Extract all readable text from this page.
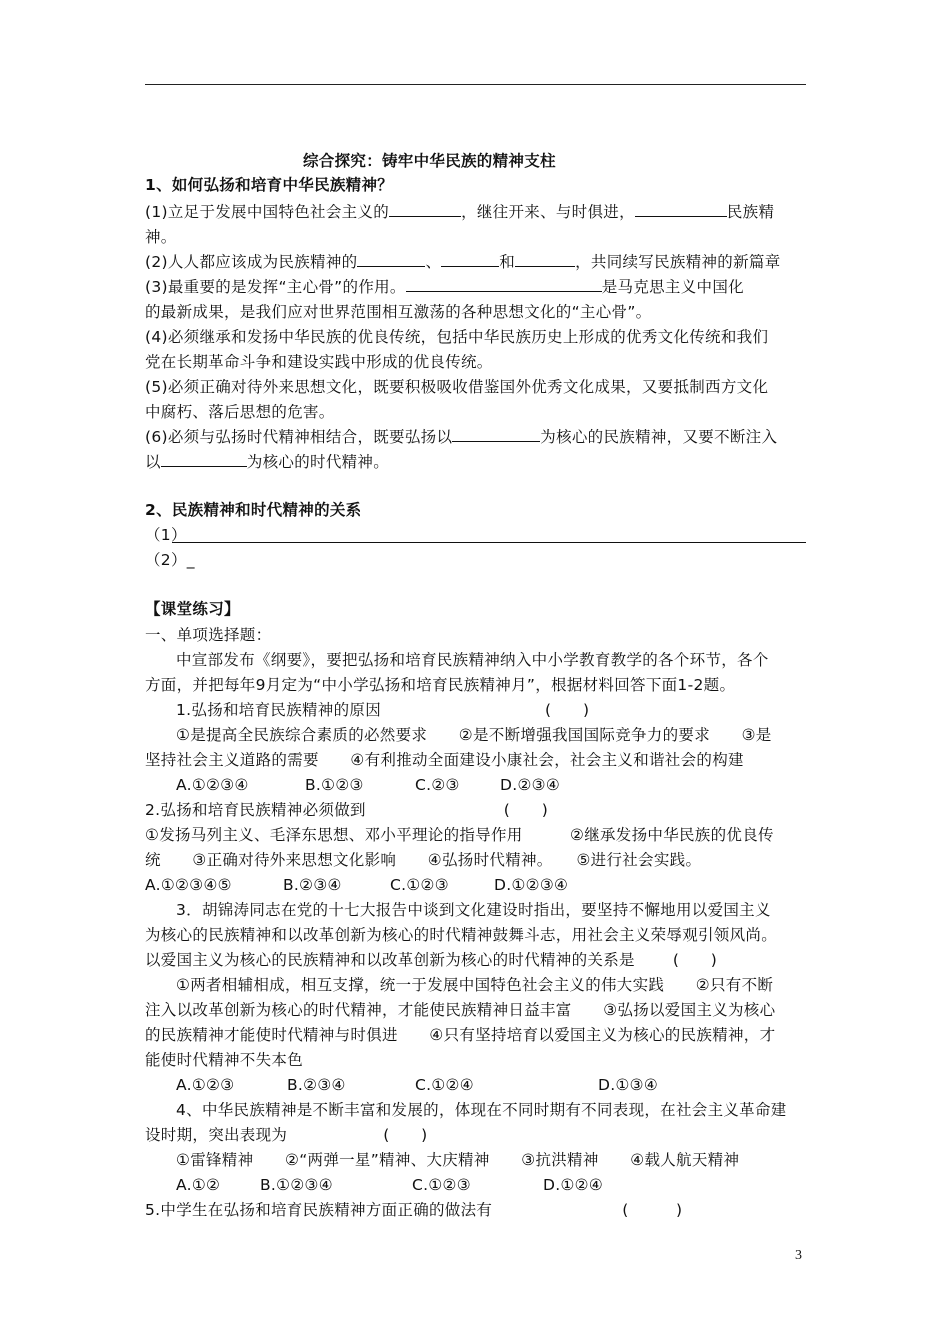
综合探究：铸牢中华民族的精神支柱
1、如何弘扬和培育中华民族精神？
(1)立足于发展中国特色社会主义的	，继往开来、与时俱进，	民族精
神。
(2)人人都应该成为民族精神的	、	和	，共同续写民族精神的新篇章
(3)最重要的是发挥“主心骨”的作用。	是马克思主义中国化
的最新成果，是我们应对世界范围相互激荡的各种思想文化的“主心骨”。
(4)必须继承和发扬中华民族的优良传统，包括中华民族历史上形成的优秀文化传统和我们
党在长期革命斗争和建设实践中形成的优良传统。
(5)必须正确对待外来思想文化，既要积极吸收借鉴国外优秀文化成果，又要抵制西方文化
中腐朽、落后思想的危害。
(6)必须与弘扬时代精神相结合，既要弘扬以	为核心的民族精神，又要不断注入
以	为核心的时代精神。
2、民族精神和时代精神的关系
（1）
（2）_
【课堂练习】
一、单项选择题：
中宣部发布《纲要》，要把弘扬和培育民族精神纳入中小学教育教学的各个环节，各个
方面，并把每年9月定为“中小学弘扬和培育民族精神月”，根据材料回答下面1-2题。
1.弘扬和培育民族精神的原因	(　　)
①是提高全民族综合素质的必然要求　　②是不断增强我国国际竞争力的要求　　③是
坚持社会主义道路的需要　　④有利推动全面建设小康社会，社会主义和谐社会的构建
A.①②③④	B.①②③	C.②③	D.②③④
2.弘扬和培育民族精神必须做到	(　　)
①发扬马列主义、毛泽东思想、邓小平理论的指导作用　　　②继承发扬中华民族的优良传
统　　③正确对待外来思想文化影响　　④弘扬时代精神。　　⑤进行社会实践。
A.①②③④⑤	B.②③④	C.①②③	D.①②③④
3．胡锦涛同志在党的十七大报告中谈到文化建设时指出，要坚持不懈地用以爱国主义
为核心的民族精神和以改革创新为核心的时代精神鼓舞斗志，用社会主义荣辱观引领风尚。
以爱国主义为核心的民族精神和以改革创新为核心的时代精神的关系是 (　　)
①两者相辅相成，相互支撑，统一于发展中国特色社会主义的伟大实践　　②只有不断
注入以改革创新为核心的时代精神，才能使民族精神日益丰富　　③弘扬以爱国主义为核心
的民族精神才能使时代精神与时俱进　　④只有坚持培育以爱国主义为核心的民族精神，才
能使时代精神不失本色
A.①②③	B.②③④	C.①②④	D.①③④
4、中华民族精神是不断丰富和发展的，体现在不同时期有不同表现，在社会主义革命建
设时期，突出表现为	(　　)
①雷锋精神　　②“两弹一星”精神、大庆精神　　③抗洪精神　　④载人航天精神
A.①②	B.①②③④	C.①②③	D.①②④
5.中学生在弘扬和培育民族精神方面正确的做法有	(　　　)
3
